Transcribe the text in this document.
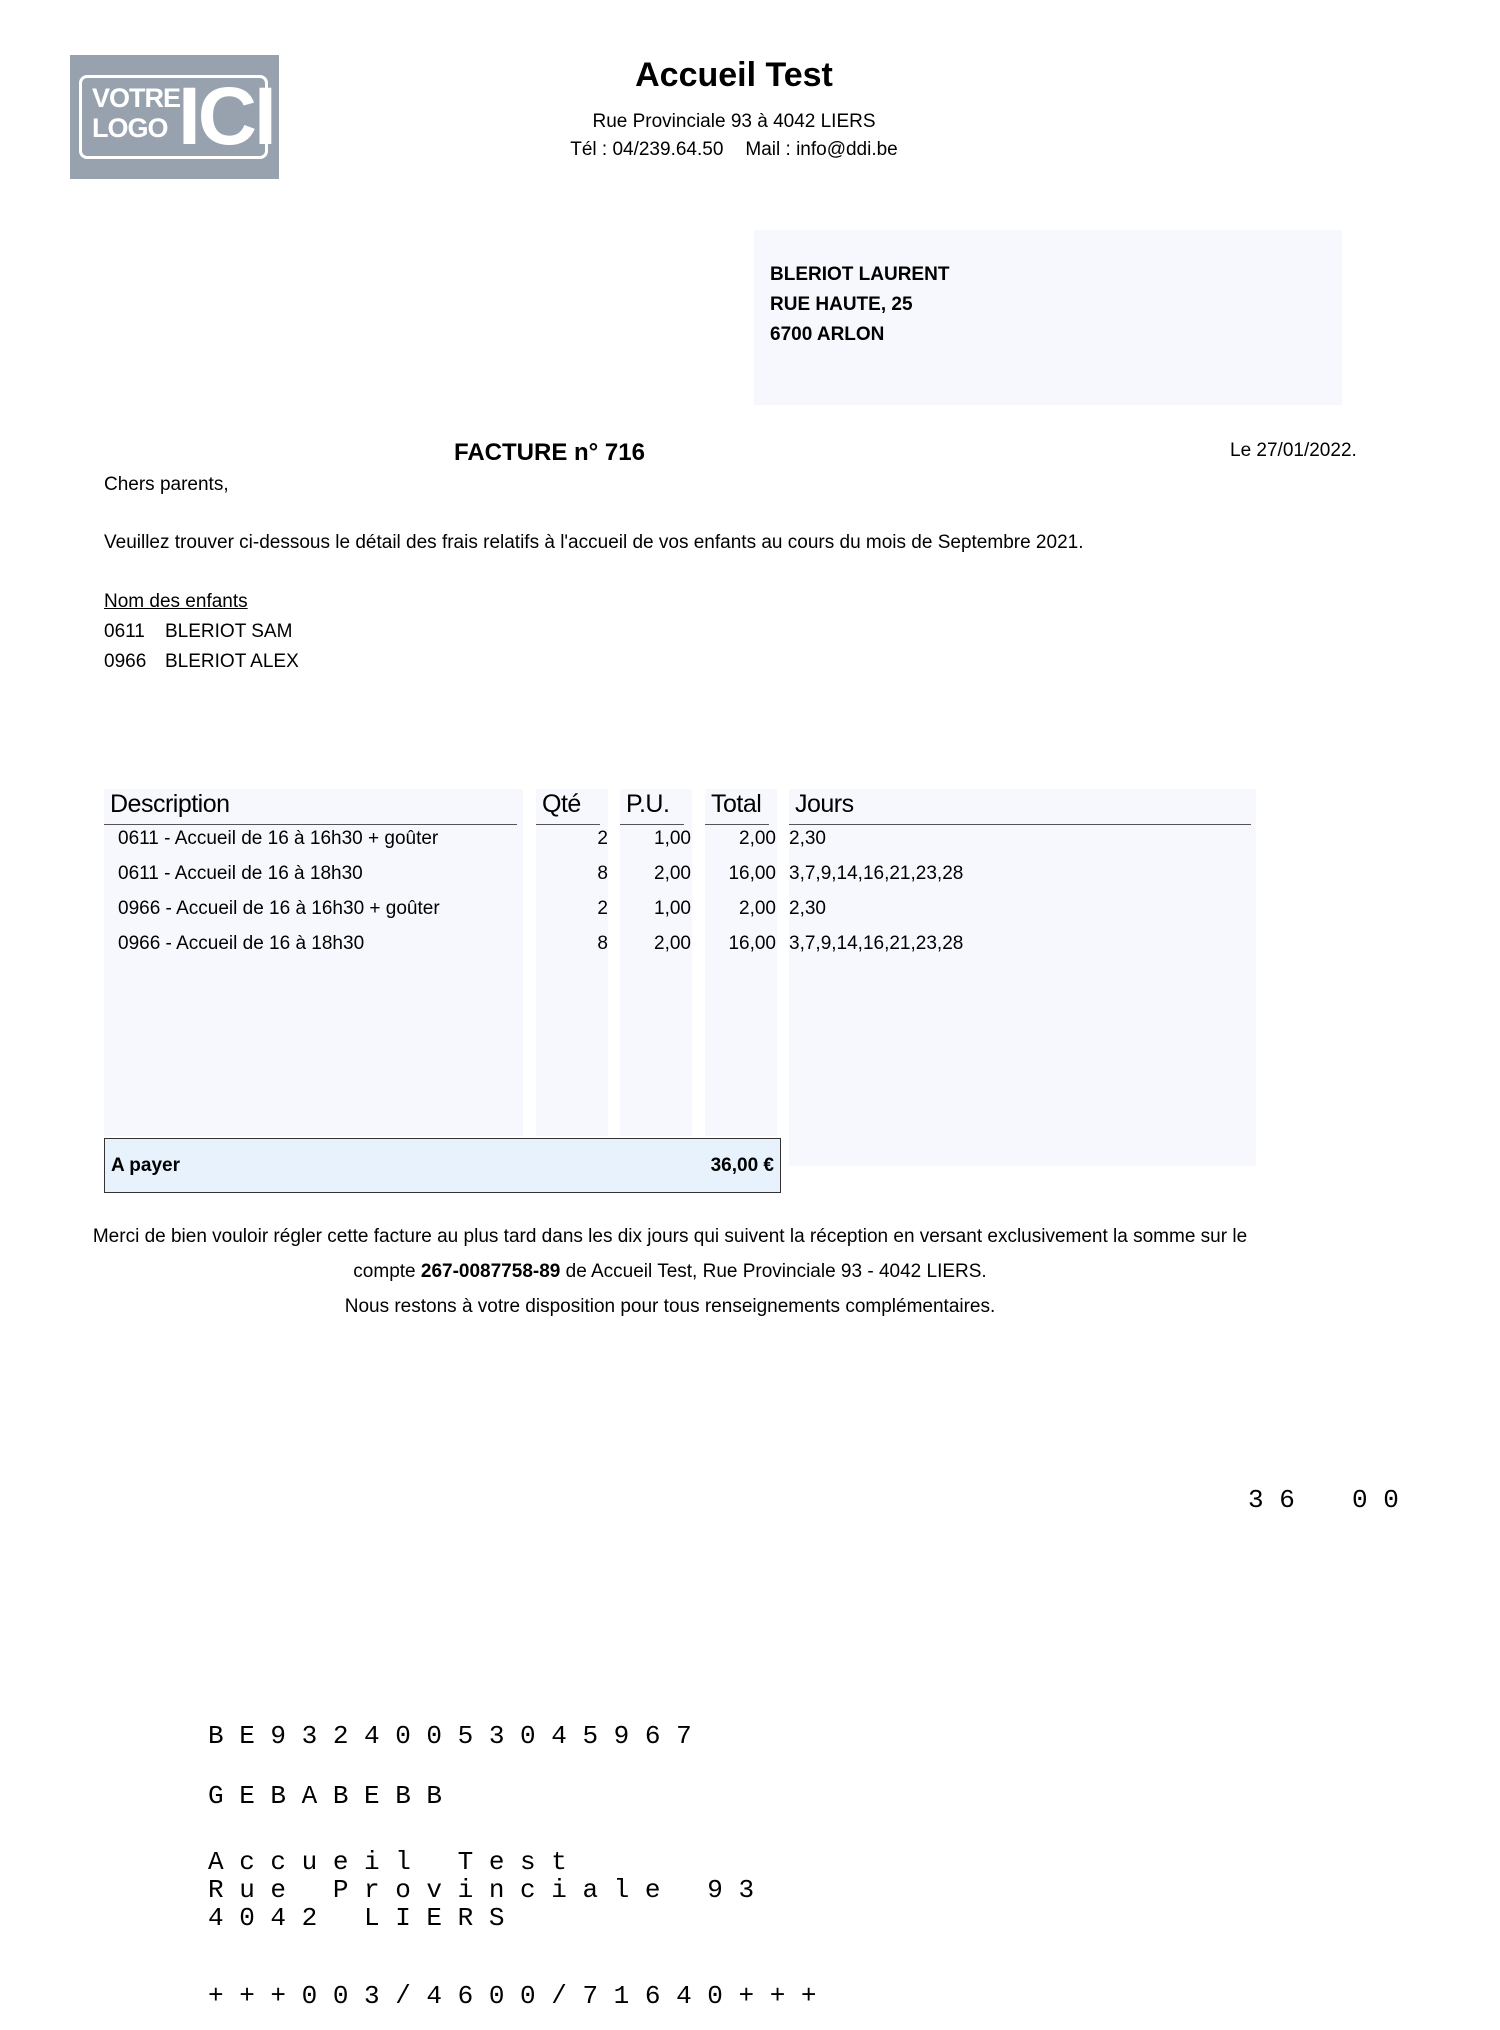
VOTRE
LOGO ICI	Accueil Test
Rue Provinciale 93 à 4042 LIERS
Tél : 04/239.64.50 Mail : info@ddi.be
BLERIOT LAURENT
RUE HAUTE, 25
6700 ARLON
FACTURE n° 716	Le 27/01/2022.
Chers parents,
Veuillez trouver ci-dessous le détail des frais relatifs à l'accueil de vos enfants au cours du mois de Septembre 2021.
Nom des enfants
0611 BLERIOT SAM
0966 BLERIOT ALEX
Description	Qté P.U. Total Jours
0611 - Accueil de 16 à 16h30 + goûter	2	1,00	2,00 2,30
0611 - Accueil de 16 à 18h30	8	2,00	16,00 3,7,9,14,16,21,23,28
0966 - Accueil de 16 à 16h30 + goûter	2	1,00	2,00 2,30
0966 - Accueil de 16 à 18h30	8	2,00	16,00 3,7,9,14,16,21,23,28
A payer	36,00 €
Merci de bien vouloir régler cette facture au plus tard dans les dix jours qui suivent la réception en versant exclusivement la somme sur le
compte 267-0087758-89 de Accueil Test, Rue Provinciale 93 - 4042 LIERS.
Nous restons à votre disposition pour tous renseignements complémentaires.
3 6 0 0
B E 9 3 2 4 0 0 5 3 0 4 5 9 6 7
G E B A B E B B
A c c u e i l   T e s t
R u e   P r o v i n c i a l e   9 3
4 0 4 2   L I E R S
+ + + 0 0 3 / 4 6 0 0 / 7 1 6 4 0 + + +
